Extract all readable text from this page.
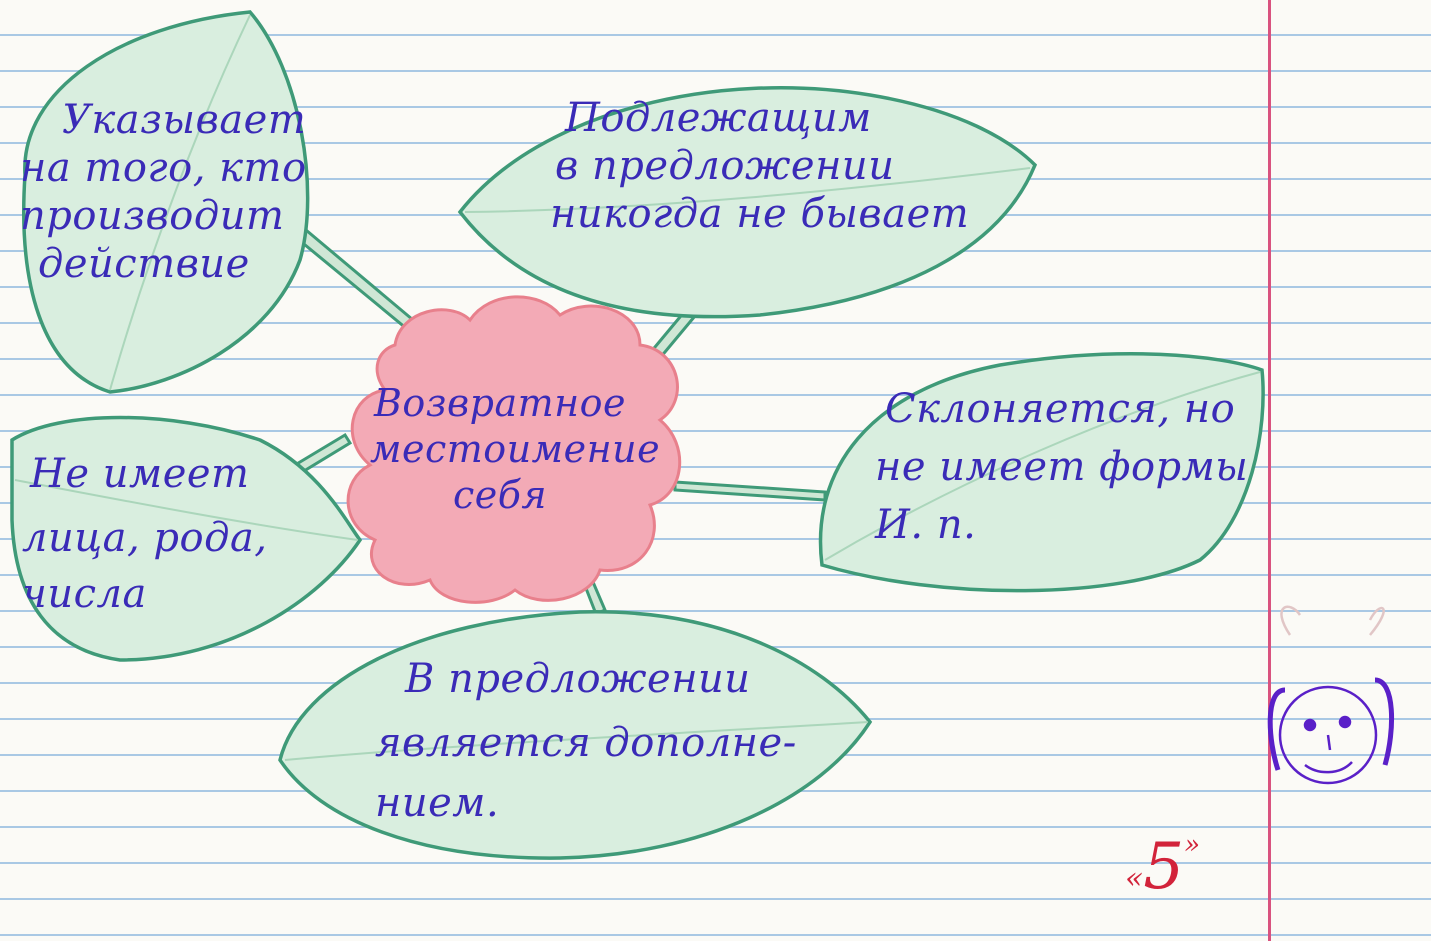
Указывает
на того, кто
производит
действие
Подлежащим
в предложении
никогда не бывает
Возвратное
местоимение
себя
Не имеет
лица, рода,
числа
Склоняется, но
не имеет формы
И. п.
В предложении
является дополне-
нием.
«5»
